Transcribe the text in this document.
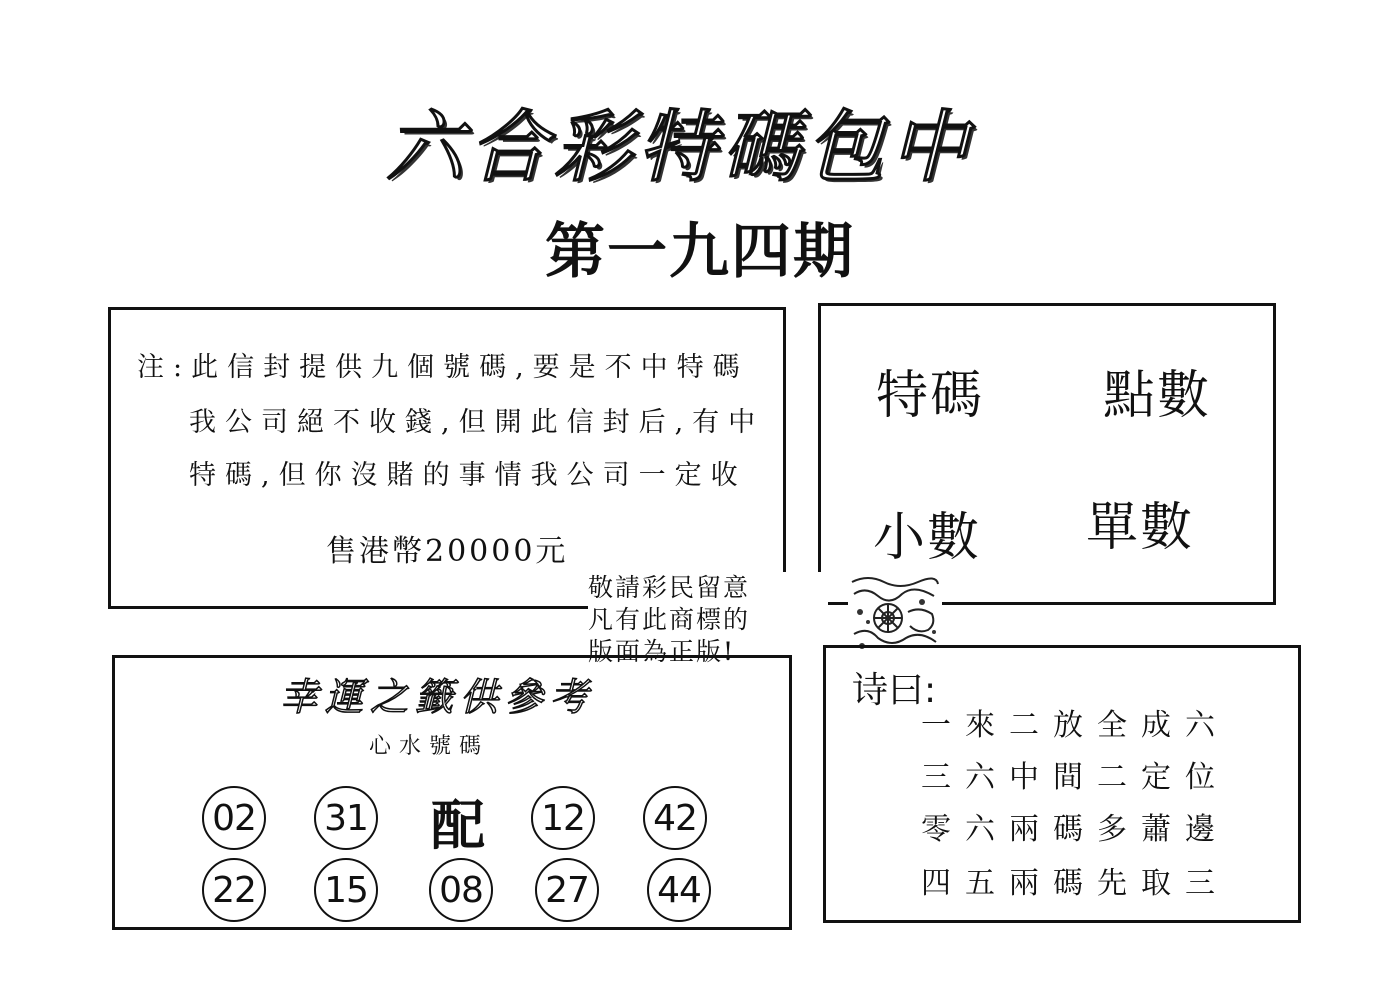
六合彩特碼包中
第一九四期
注:此信封提供九個號碼,要是不中特碼
我公司絕不收錢,但開此信封后,有中
特碼,但你沒賭的事情我公司一定收
售港幣20000元
特碼 點數
小數 單數
敬請彩民留意
凡有此商標的
版面為正版!
幸運之籤供參考
心水號碼
02 31 配 12 42
22 15 08 27 44
诗曰:
一來二放全成六
三六中間二定位
零六兩碼多蕭邊
四五兩碼先取三
